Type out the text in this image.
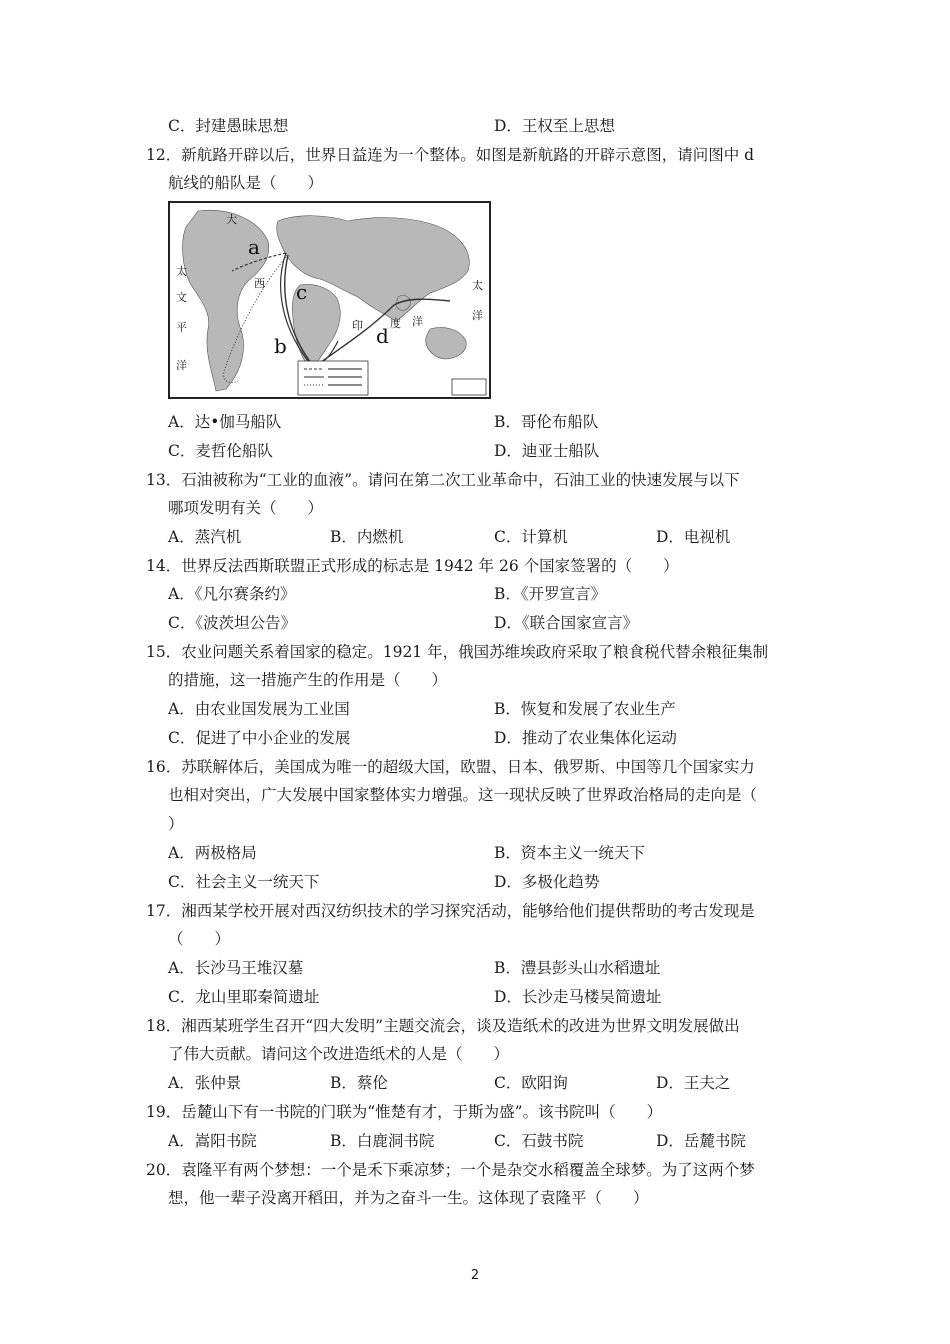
C．封建愚昧思想	D．王权至上思想
12．新航路开辟以后，世界日益连为一个整体。如图是新航路的开辟示意图，请问图中 d
航线的船队是（　　）
a
c
b	d
太
文
平
洋
大
西
印 度 洋
太
洋
A．达•伽马船队	B．哥伦布船队
C．麦哲伦船队	D．迪亚士船队
13．石油被称为“工业的血液”。请问在第二次工业革命中，石油工业的快速发展与以下
哪项发明有关（　　）
A．蒸汽机	B．内燃机	C．计算机	D．电视机
14．世界反法西斯联盟正式形成的标志是 1942 年 26 个国家签署的（　　）
A．《凡尔赛条约》	B．《开罗宣言》
C．《波茨坦公告》	D．《联合国家宣言》
15．农业问题关系着国家的稳定。1921 年，俄国苏维埃政府采取了粮食税代替余粮征集制
的措施，这一措施产生的作用是（　　）
A．由农业国发展为工业国	B．恢复和发展了农业生产
C．促进了中小企业的发展	D．推动了农业集体化运动
16．苏联解体后，美国成为唯一的超级大国，欧盟、日本、俄罗斯、中国等几个国家实力
也相对突出，广大发展中国家整体实力增强。这一现状反映了世界政治格局的走向是（
）
A．两极格局	B．资本主义一统天下
C．社会主义一统天下	D．多极化趋势
17．湘西某学校开展对西汉纺织技术的学习探究活动，能够给他们提供帮助的考古发现是
（　　）
A．长沙马王堆汉墓	B．澧县彭头山水稻遗址
C．龙山里耶秦简遗址	D．长沙走马楼吴简遗址
18．湘西某班学生召开“四大发明”主题交流会，谈及造纸术的改进为世界文明发展做出
了伟大贡献。请问这个改进造纸术的人是（　　）
A．张仲景	B．蔡伦	C．欧阳询	D．王夫之
19．岳麓山下有一书院的门联为“惟楚有才，于斯为盛”。该书院叫（　　）
A．嵩阳书院	B．白鹿洞书院	C．石鼓书院	D．岳麓书院
20．袁隆平有两个梦想：一个是禾下乘凉梦；一个是杂交水稻覆盖全球梦。为了这两个梦
想，他一辈子没离开稻田，并为之奋斗一生。这体现了袁隆平（　　）
2
